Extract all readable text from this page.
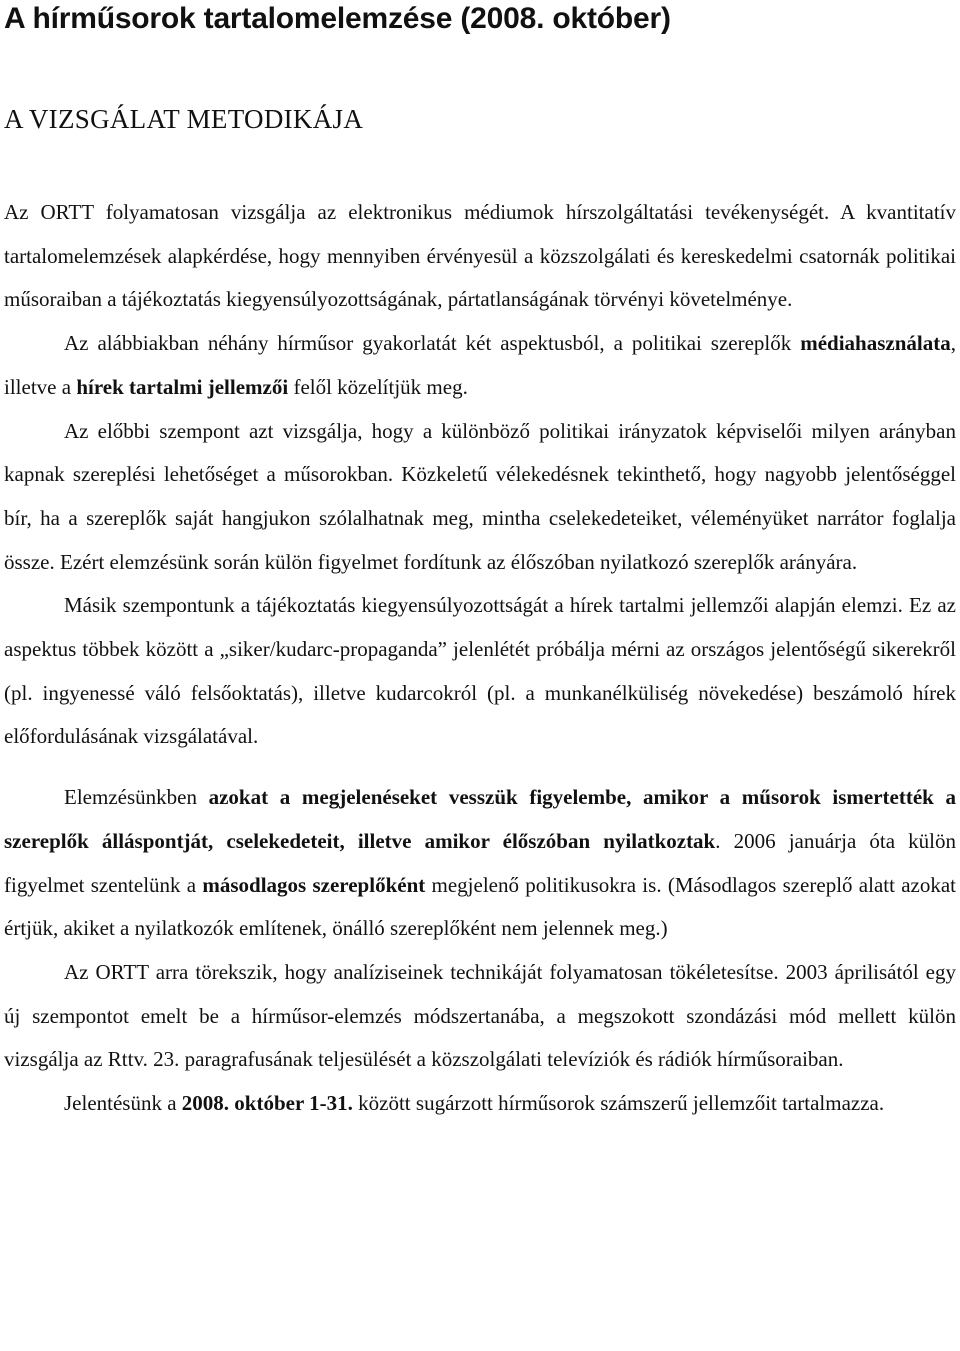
A hírműsorok tartalomelemzése (2008. október)
A VIZSGÁLAT METODIKÁJA

Az ORTT folyamatosan vizsgálja az elektronikus médiumok hírszolgáltatási tevékenységét. A kvantitatív tartalomelemzések alapkérdése, hogy mennyiben érvényesül a közszolgálati és kereskedelmi csatornák politikai műsoraiban a tájékoztatás kiegyensúlyozottságának, pártatlanságának törvényi követelménye.

Az alábbiakban néhány hírműsor gyakorlatát két aspektusból, a politikai szereplők médiahasználata, illetve a hírek tartalmi jellemzői felől közelítjük meg.

Az előbbi szempont azt vizsgálja, hogy a különböző politikai irányzatok képviselői milyen arányban kapnak szereplési lehetőséget a műsorokban. Közkeletű vélekedésnek tekinthető, hogy nagyobb jelentőséggel bír, ha a szereplők saját hangjukon szólalhatnak meg, mintha cselekedeteiket, véleményüket narrátor foglalja össze. Ezért elemzésünk során külön figyelmet fordítunk az élőszóban nyilatkozó szereplők arányára.

Másik szempontunk a tájékoztatás kiegyensúlyozottságát a hírek tartalmi jellemzői alapján elemzi. Ez az aspektus többek között a „siker/kudarc-propaganda” jelenlétét próbálja mérni az országos jelentőségű sikerekről (pl. ingyenessé váló felsőoktatás), illetve kudarcokról (pl. a munkanélküliség növekedése) beszámoló hírek előfordulásának vizsgálatával.

Elemzésünkben azokat a megjelenéseket vesszük figyelembe, amikor a műsorok ismertették a szereplők álláspontját, cselekedeteit, illetve amikor élőszóban nyilatkoztak. 2006 januárja óta külön figyelmet szentelünk a másodlagos szereplőként megjelenő politikusokra is. (Másodlagos szereplő alatt azokat értjük, akiket a nyilatkozók említenek, önálló szereplőként nem jelennek meg.)

Az ORTT arra törekszik, hogy analíziseinek technikáját folyamatosan tökéletesítse. 2003 áprilisától egy új szempontot emelt be a hírműsor-elemzés módszertanába, a megszokott szondázási mód mellett külön vizsgálja az Rttv. 23. paragrafusának teljesülését a közszolgálati televíziók és rádiók hírműsoraiban.

Jelentésünk a 2008. október 1-31. között sugárzott hírműsorok számszerű jellemzőit tartalmazza.
